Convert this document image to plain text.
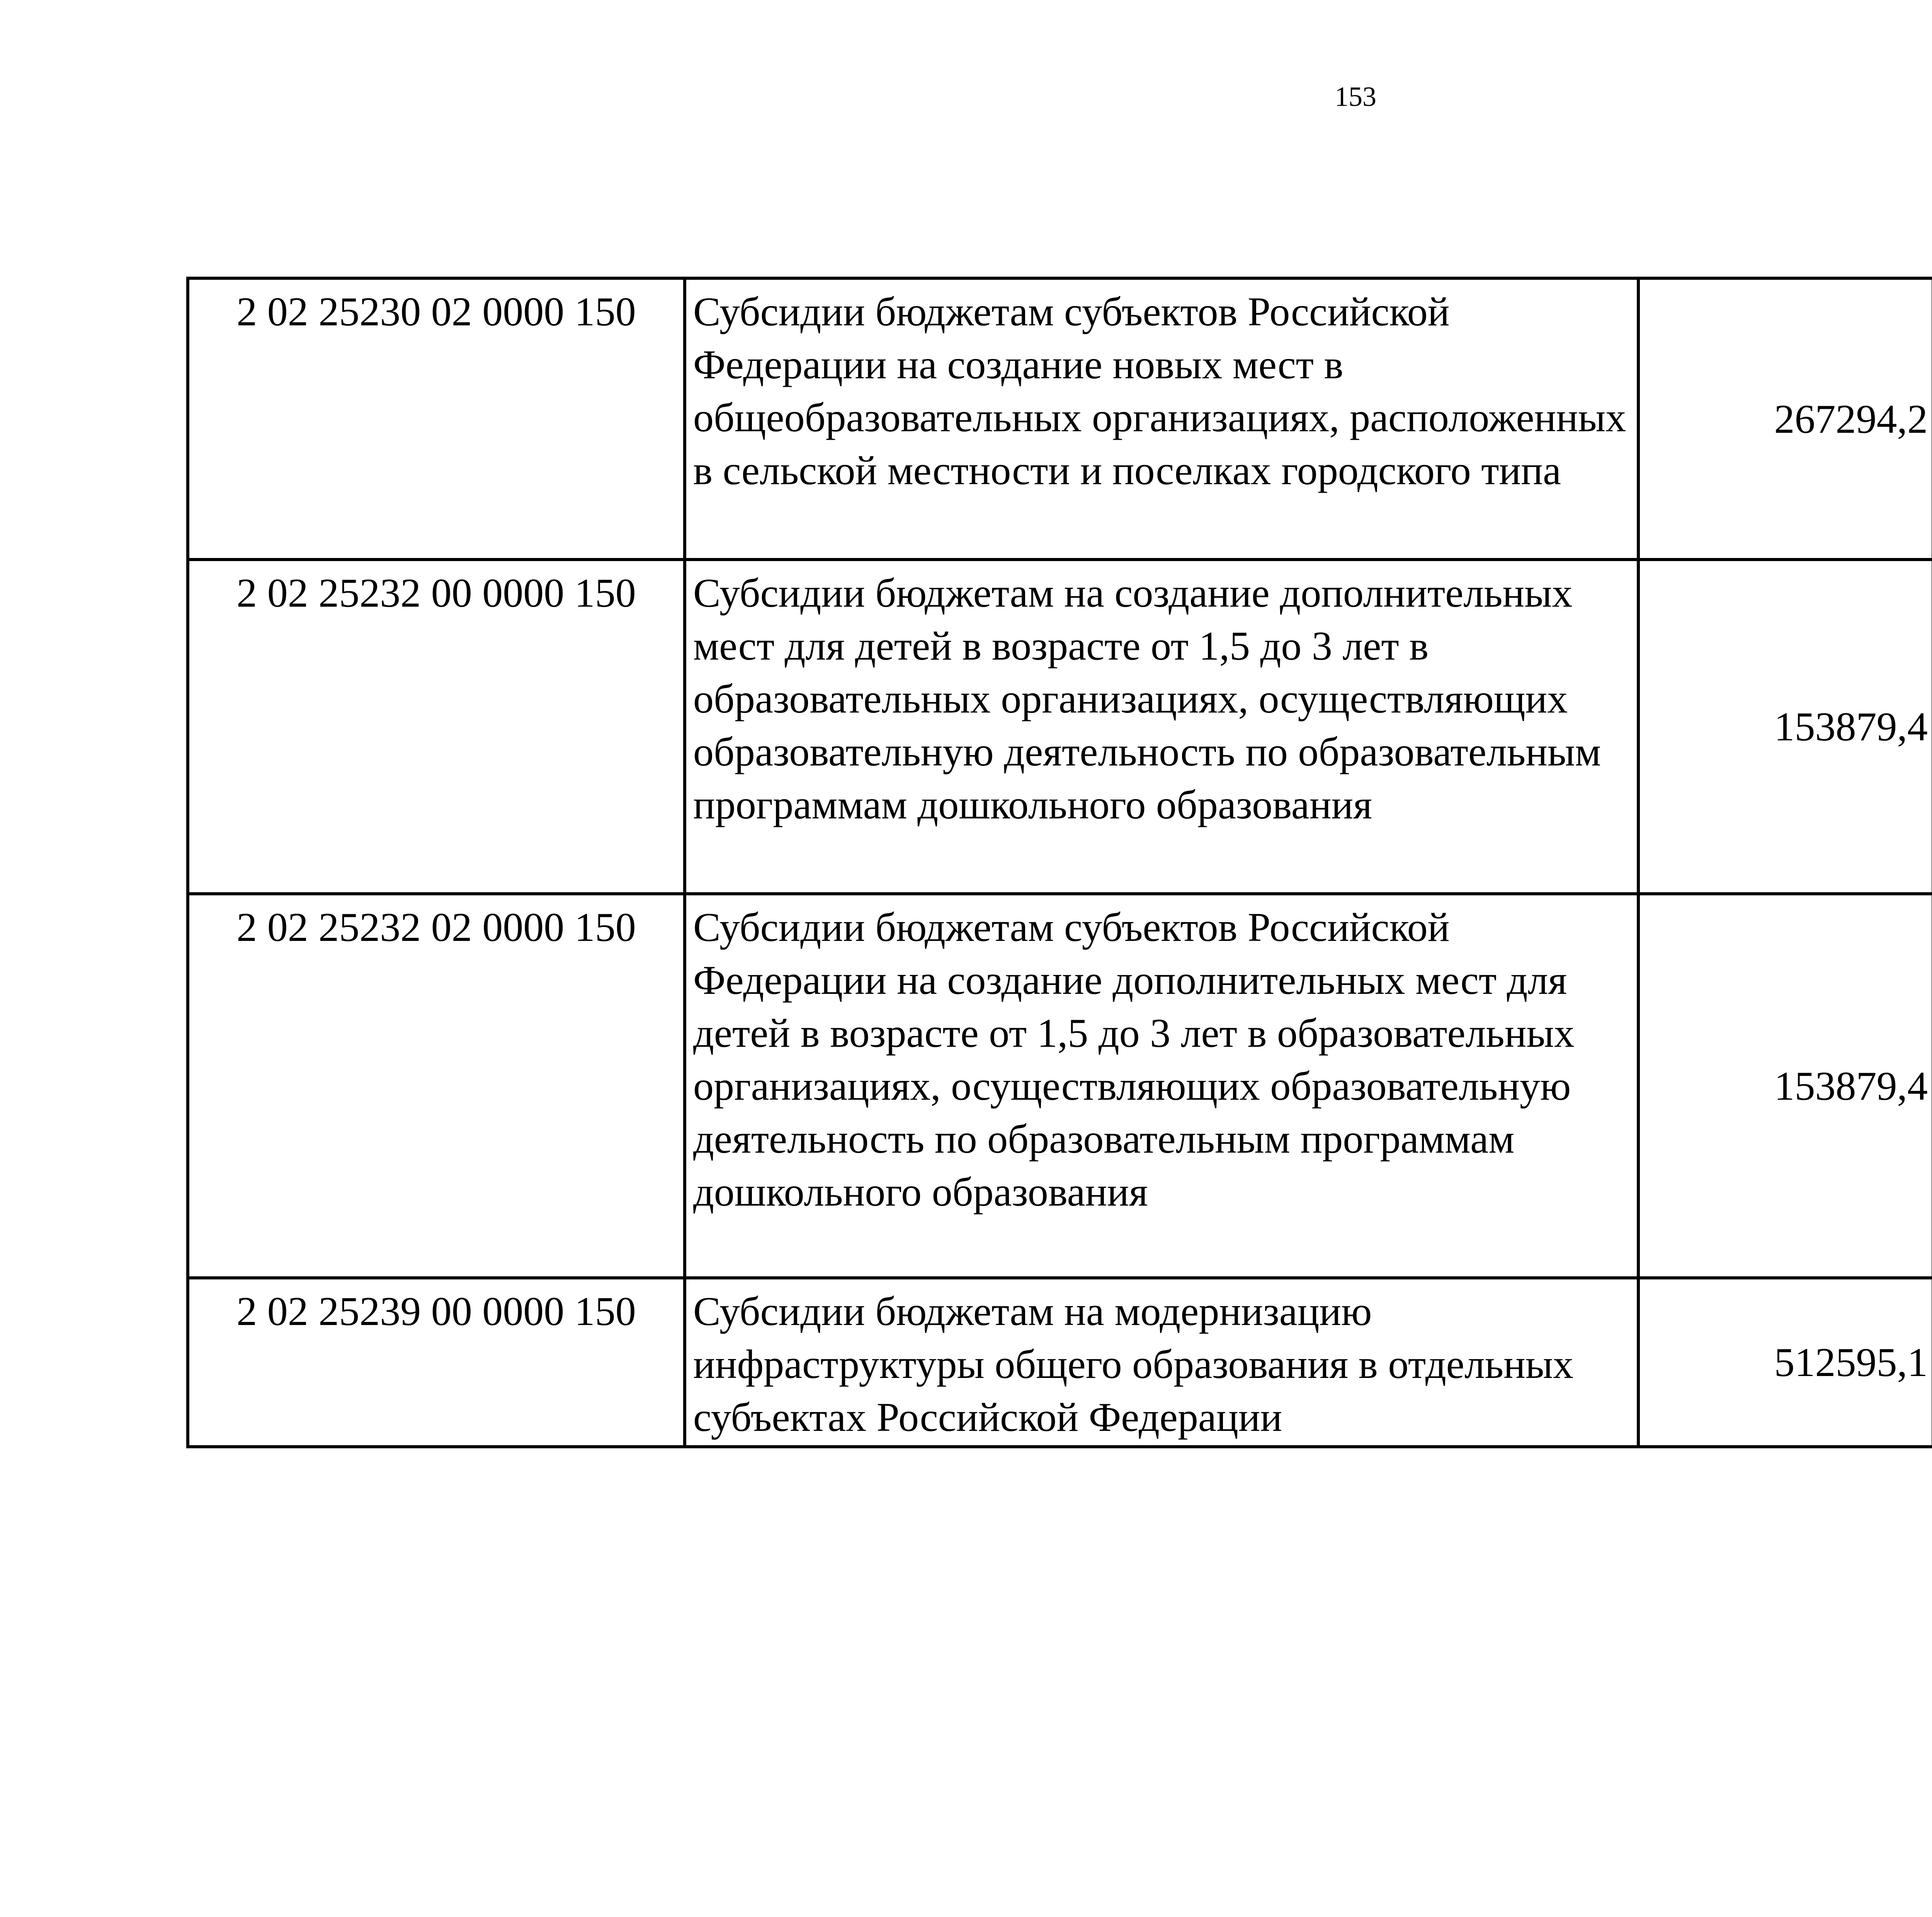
153
2 02 25230 02 0000 150	Субсидии бюджетам субъектов Российской Федерации на создание новых мест в общеобразовательных организациях, расположенных в сельской местности и поселках городского типа	267294,2		
2 02 25232 00 0000 150	Субсидии бюджетам на создание дополнительных мест для детей в возрасте от 1,5 до 3 лет в образовательных организациях, осуществляющих образовательную деятельность по образовательным программам дошкольного образования	153879,4		
2 02 25232 02 0000 150	Субсидии бюджетам субъектов Российской Федерации на создание дополнительных мест для детей в возрасте от 1,5 до 3 лет в образовательных организациях, осуществляющих образовательную деятельность по образовательным программам дошкольного образования	153879,4		
2 02 25239 00 0000 150	Субсидии бюджетам на модернизацию инфраструктуры общего образования в отдельных субъектах Российской Федерации	512595,1		
